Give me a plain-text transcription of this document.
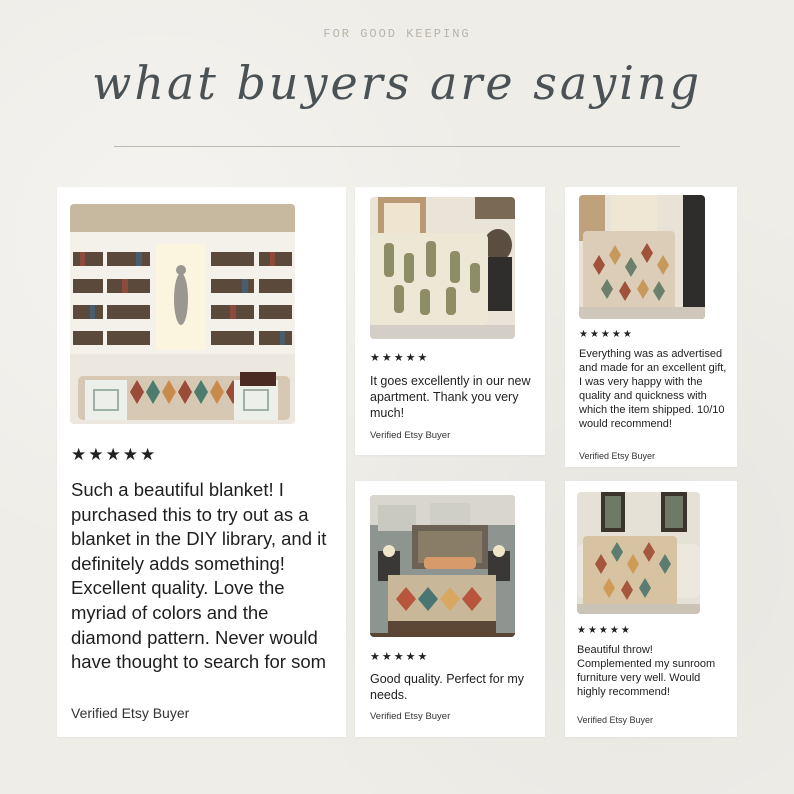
FOR GOOD KEEPING
what buyers are saying
★★★★★
Such a beautiful blanket! I purchased this to try out as a blanket in the DIY library, and it definitely adds something! Excellent quality. Love the myriad of colors and the diamond pattern. Never would have thought to search for som
Verified Etsy Buyer
★★★★★
It goes excellently in our new apartment. Thank you very much!
Verified Etsy Buyer
★★★★★
Everything was as advertised and made for an excellent gift, I was very happy with the quality and quickness with which the item shipped. 10/10 would recommend!
Verified Etsy Buyer
★★★★★
Good quality. Perfect for my needs.
Verified Etsy Buyer
★★★★★
Beautiful throw! Complemented my sunroom furniture very well. Would highly recommend!
Verified Etsy Buyer
